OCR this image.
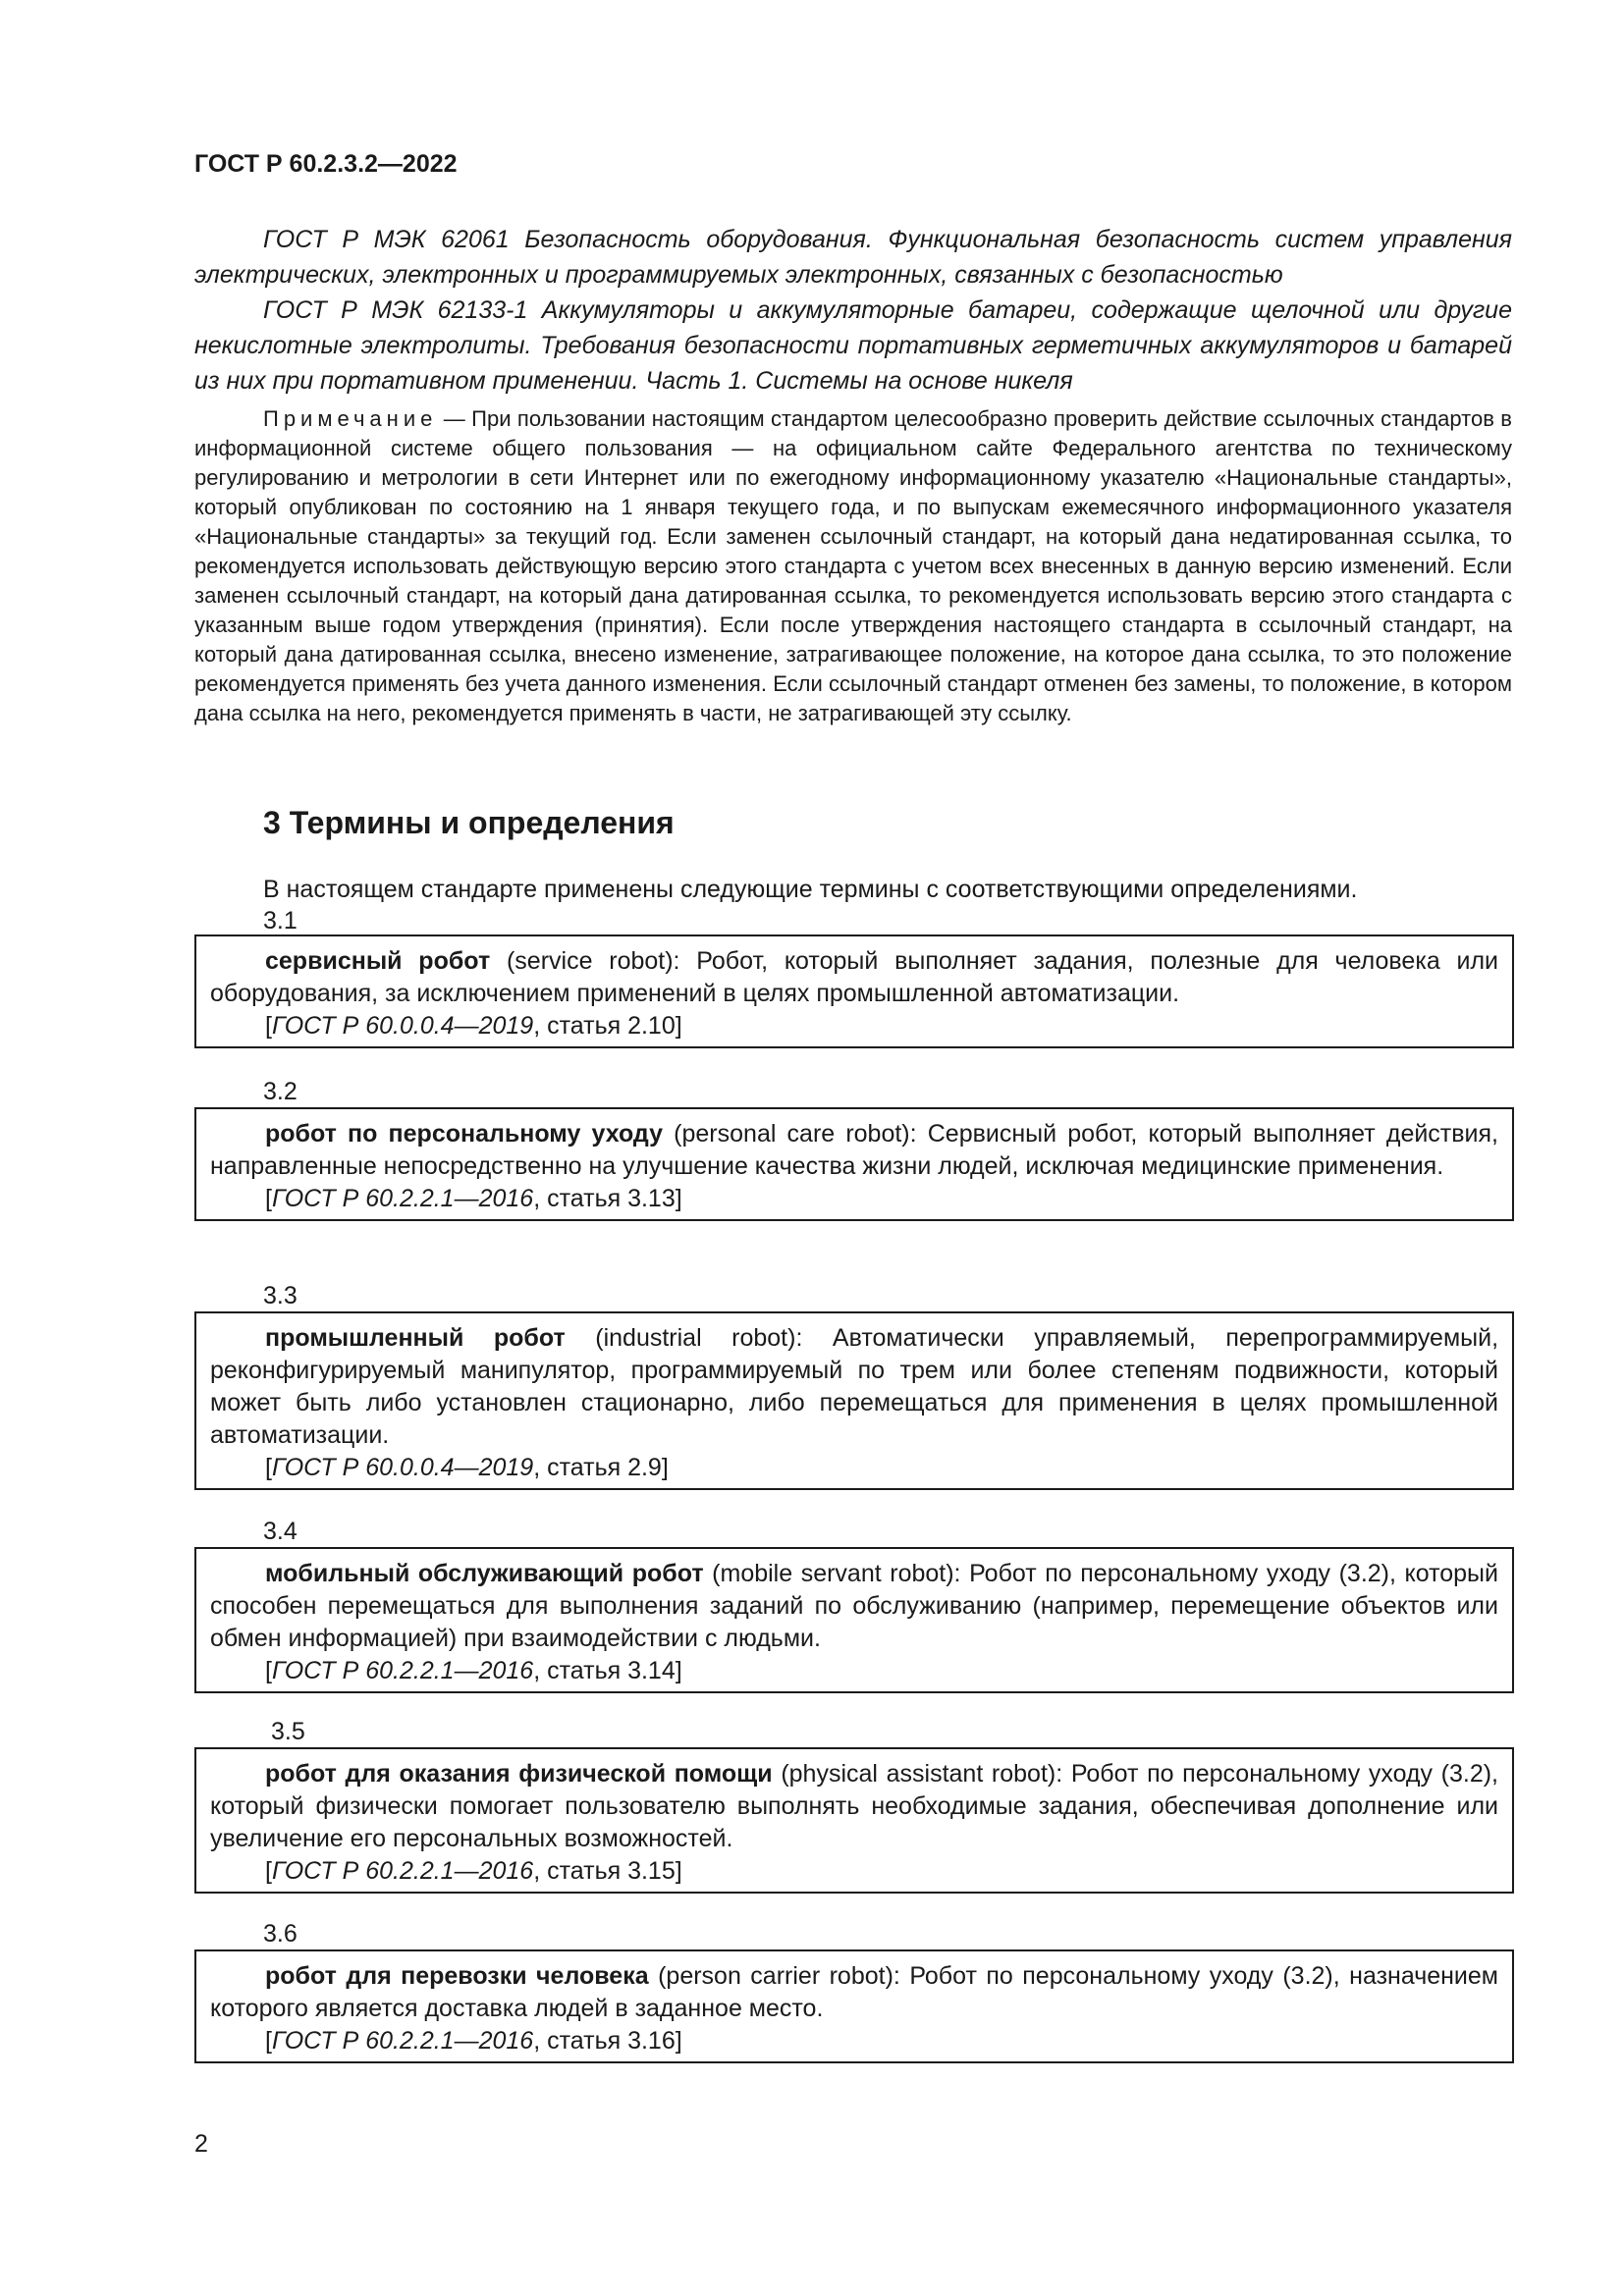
ГОСТ Р 60.2.3.2—2022

ГОСТ Р МЭК 62061 Безопасность оборудования. Функциональная безопасность систем управления электрических, электронных и программируемых электронных, связанных с безопасностью

ГОСТ Р МЭК 62133-1 Аккумуляторы и аккумуляторные батареи, содержащие щелочной или другие некислотные электролиты. Требования безопасности портативных герметичных аккумуляторов и батарей из них при портативном применении. Часть 1. Системы на основе никеля

Примечание — При пользовании настоящим стандартом целесообразно проверить действие ссылочных стандартов в информационной системе общего пользования — на официальном сайте Федерального агентства по техническому регулированию и метрологии в сети Интернет или по ежегодному информационному указателю «Национальные стандарты», который опубликован по состоянию на 1 января текущего года, и по выпускам ежемесячного информационного указателя «Национальные стандарты» за текущий год. Если заменен ссылочный стандарт, на который дана недатированная ссылка, то рекомендуется использовать действующую версию этого стандарта с учетом всех внесенных в данную версию изменений. Если заменен ссылочный стандарт, на который дана датированная ссылка, то рекомендуется использовать версию этого стандарта с указанным выше годом утверждения (принятия). Если после утверждения настоящего стандарта в ссылочный стандарт, на который дана датированная ссылка, внесено изменение, затрагивающее положение, на которое дана ссылка, то это положение рекомендуется применять без учета данного изменения. Если ссылочный стандарт отменен без замены, то положение, в котором дана ссылка на него, рекомендуется применять в части, не затрагивающей эту ссылку.

3 Термины и определения
В настоящем стандарте применены следующие термины с соответствующими определениями.
3.1

сервисный робот (service robot): Робот, который выполняет задания, полезные для человека или оборудования, за исключением применений в целях промышленной автоматизации.

[ГОСТ Р 60.0.0.4—2019, статья 2.10]

3.2

робот по персональному уходу (personal care robot): Сервисный робот, который выполняет действия, направленные непосредственно на улучшение качества жизни людей, исключая медицинские применения.

[ГОСТ Р 60.2.2.1—2016, статья 3.13]

3.3

промышленный робот (industrial robot): Автоматически управляемый, перепрограммируемый, реконфигурируемый манипулятор, программируемый по трем или более степеням подвижности, который может быть либо установлен стационарно, либо перемещаться для применения в целях промышленной автоматизации.

[ГОСТ Р 60.0.0.4—2019, статья 2.9]

3.4

мобильный обслуживающий робот (mobile servant robot): Робот по персональному уходу (3.2), который способен перемещаться для выполнения заданий по обслуживанию (например, перемещение объектов или обмен информацией) при взаимодействии с людьми.

[ГОСТ Р 60.2.2.1—2016, статья 3.14]

3.5

робот для оказания физической помощи (physical assistant robot): Робот по персональному уходу (3.2), который физически помогает пользователю выполнять необходимые задания, обеспечивая дополнение или увеличение его персональных возможностей.

[ГОСТ Р 60.2.2.1—2016, статья 3.15]

3.6

робот для перевозки человека (person carrier robot): Робот по персональному уходу (3.2), назначением которого является доставка людей в заданное место.

[ГОСТ Р 60.2.2.1—2016, статья 3.16]

2
